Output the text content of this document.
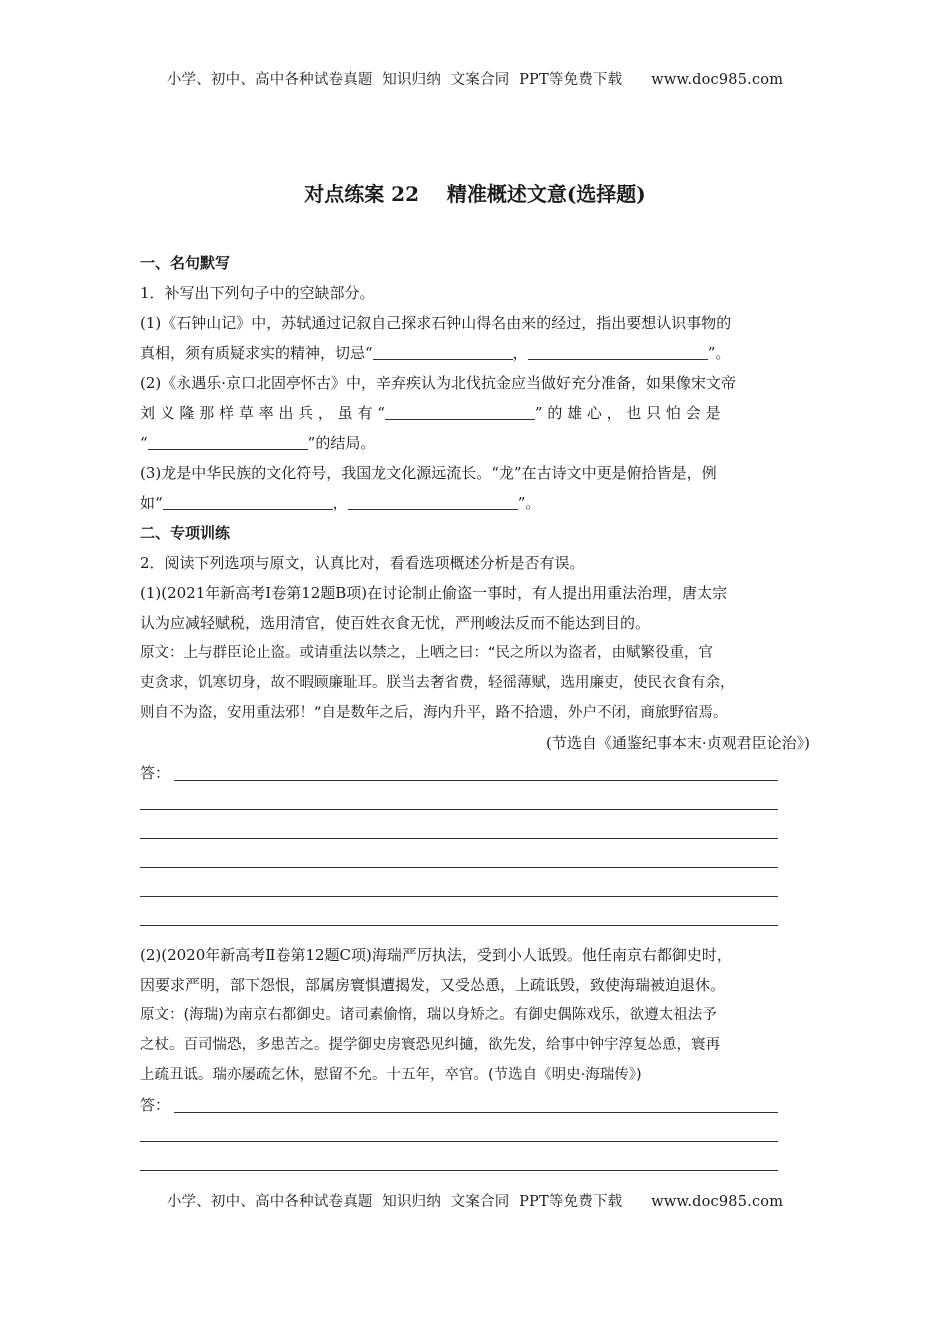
小学、初中、高中各种试卷真题  知识归纳  文案合同  PPT等免费下载      www.doc985.com
对点练案 22    精准概述文意(选择题)
一、名句默写
1．补写出下列句子中的空缺部分。
(1)《石钟山记》中，苏轼通过记叙自己探求石钟山得名由来的经过，指出要想认识事物的
真相，须有质疑求实的精神，切忌“	，	”。
(2)《永遇乐·京口北固亭怀古》中，辛弃疾认为北伐抗金应当做好充分准备，如果像宋文帝
刘 义 隆 那 样 草 率 出 兵 ， 虽 有 “	” 的 雄 心 ， 也 只 怕 会 是
“	”的结局。
(3)龙是中华民族的文化符号，我国龙文化源远流长。“龙”在古诗文中更是俯拾皆是，例
如“	，	”。
二、专项训练
2．阅读下列选项与原文，认真比对，看看选项概述分析是否有误。
(1)(2021年新高考Ⅰ卷第12题B项)在讨论制止偷盗一事时，有人提出用重法治理，唐太宗
认为应减轻赋税，选用清官，使百姓衣食无忧，严刑峻法反而不能达到目的。
原文：上与群臣论止盗。或请重法以禁之，上哂之曰：“民之所以为盗者，由赋繁役重，官
吏贪求，饥寒切身，故不暇顾廉耻耳。朕当去奢省费，轻徭薄赋，选用廉吏，使民衣食有余，
则自不为盗，安用重法邪！”自是数年之后，海内升平，路不拾遗，外户不闭，商旅野宿焉。
(节选自《通鉴纪事本末·贞观君臣论治》)
答：
(2)(2020年新高考Ⅱ卷第12题C项)海瑞严厉执法，受到小人诋毁。他任南京右都御史时，
因要求严明，部下怨恨，部属房寰惧遭揭发，又受怂恿，上疏诋毁，致使海瑞被迫退休。
原文：(海瑞)为南京右都御史。诸司素偷惰，瑞以身矫之。有御史偶陈戏乐，欲遵太祖法予
之杖。百司惴恐，多患苦之。提学御史房寰恐见纠擿，欲先发，给事中钟宇淳复怂恿，寰再
上疏丑诋。瑞亦屡疏乞休，慰留不允。十五年，卒官。(节选自《明史·海瑞传》)
答：
小学、初中、高中各种试卷真题  知识归纳  文案合同  PPT等免费下载      www.doc985.com
